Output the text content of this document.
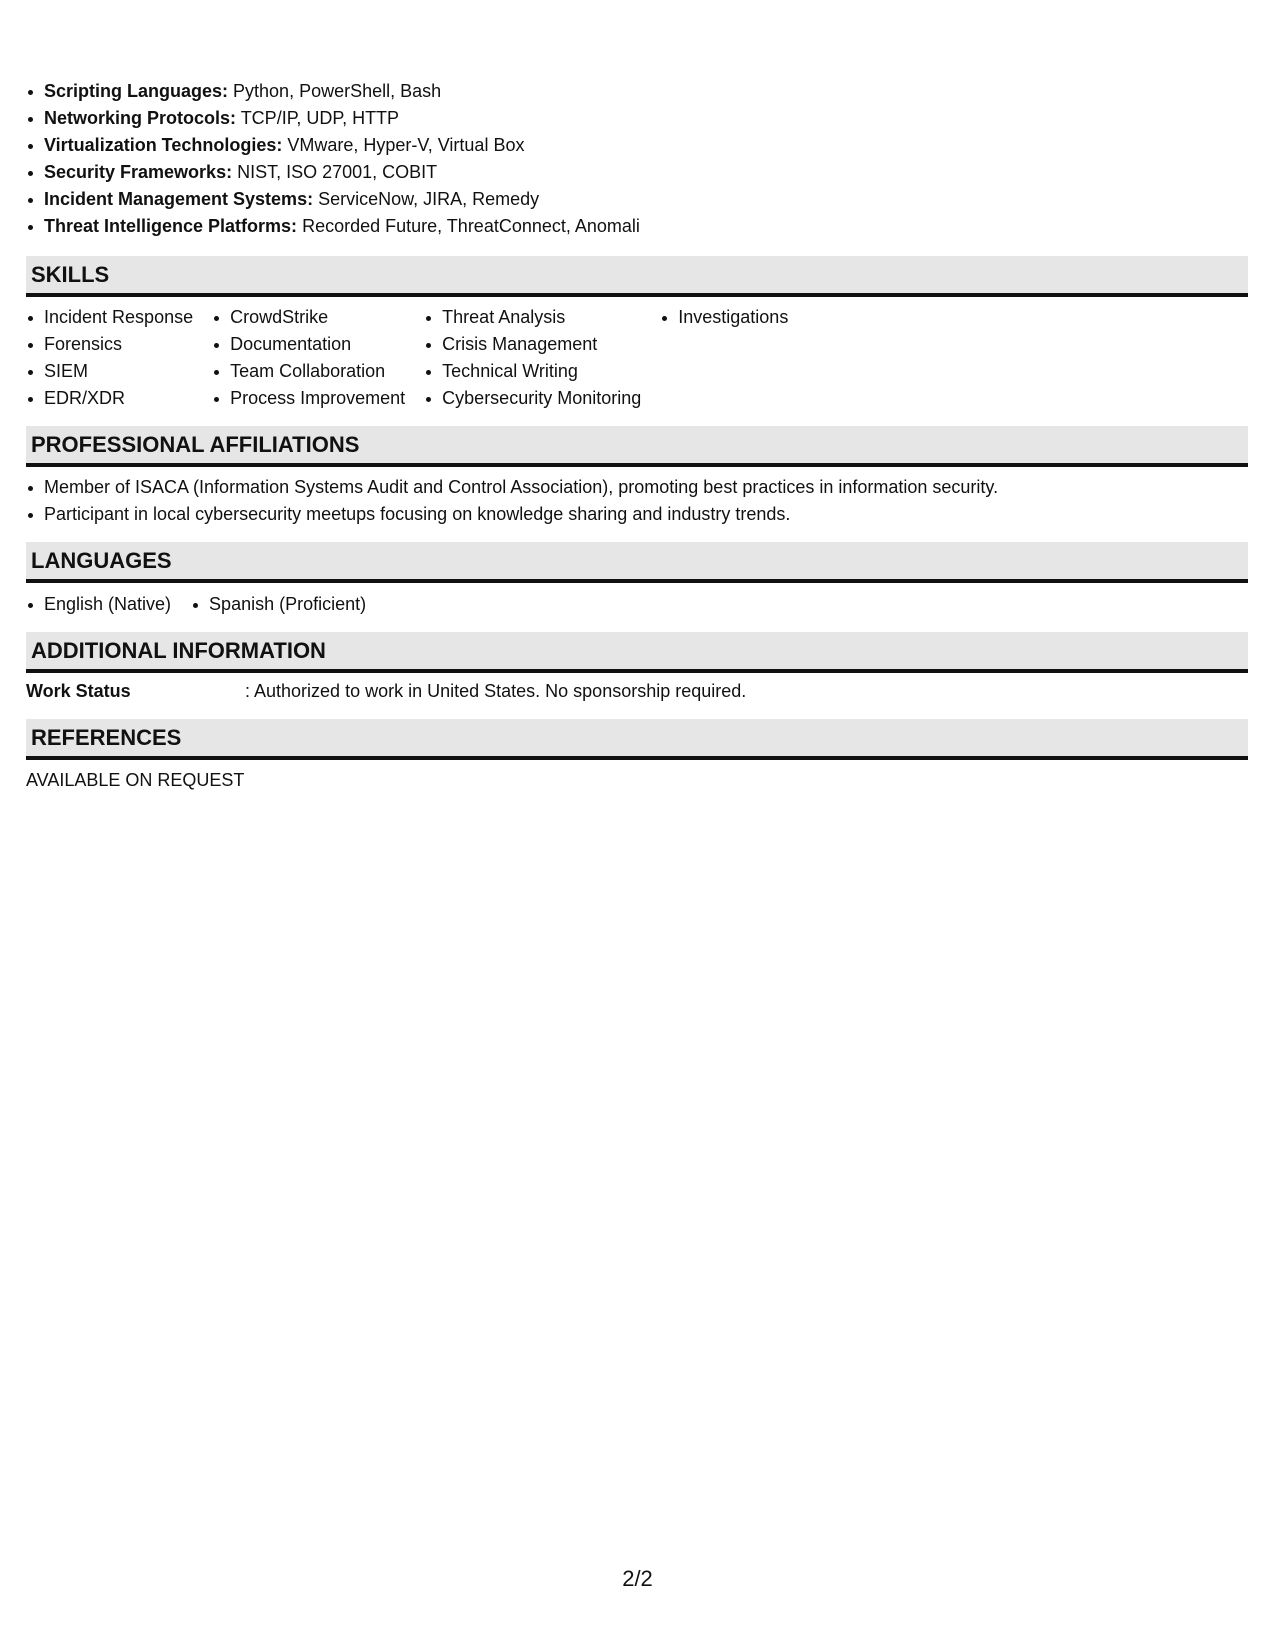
Scripting Languages: Python, PowerShell, Bash
Networking Protocols: TCP/IP, UDP, HTTP
Virtualization Technologies: VMware, Hyper-V, Virtual Box
Security Frameworks: NIST, ISO 27001, COBIT
Incident Management Systems: ServiceNow, JIRA, Remedy
Threat Intelligence Platforms: Recorded Future, ThreatConnect, Anomali
SKILLS
Incident Response
Forensics
SIEM
EDR/XDR
CrowdStrike
Documentation
Team Collaboration
Process Improvement
Threat Analysis
Crisis Management
Technical Writing
Cybersecurity Monitoring
Investigations
PROFESSIONAL AFFILIATIONS
Member of ISACA (Information Systems Audit and Control Association), promoting best practices in information security.
Participant in local cybersecurity meetups focusing on knowledge sharing and industry trends.
LANGUAGES
English (Native)	Spanish (Proficient)
ADDITIONAL INFORMATION
Work Status	: Authorized to work in United States. No sponsorship required.
REFERENCES
AVAILABLE ON REQUEST
2/2
